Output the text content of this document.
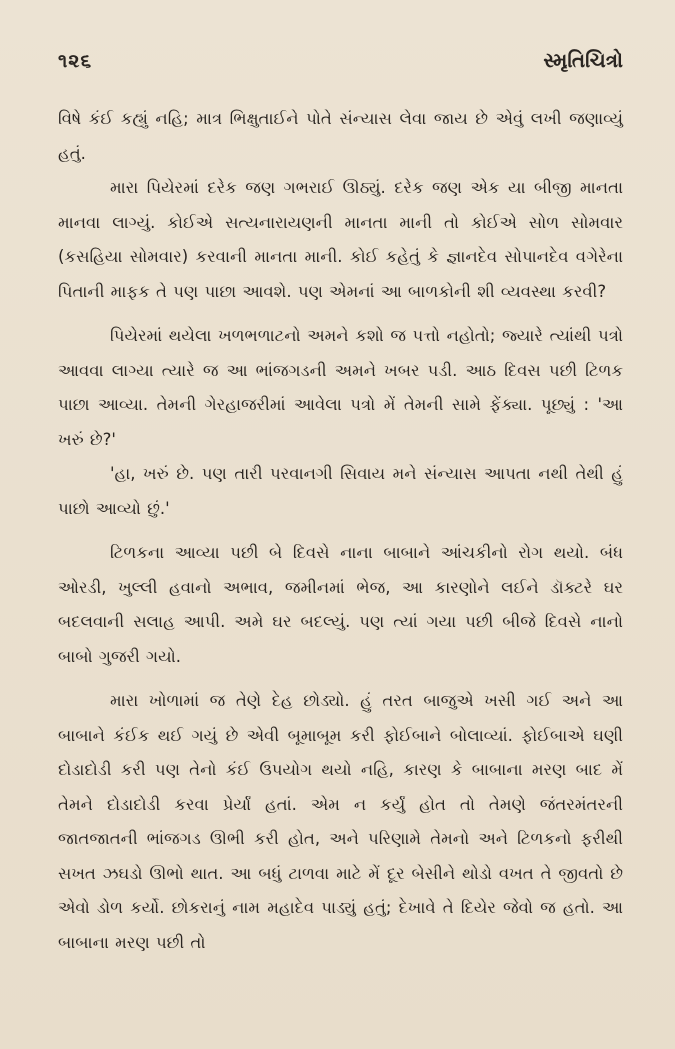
૧૨૬	સ્મૃતિચિત્રો

વિષે કંઈ કહ્યું નહિ; માત્ર ભિક્ષુતાઈને પોતે સંન્યાસ લેવા જાય છે એવું લખી જણાવ્યું હતું.

મારા પિયેરમાં દરેક જણ ગભરાઈ ઊઠ્યું. દરેક જણ એક યા બીજી માનતા માનવા લાગ્યું. કોઈએ સત્યનારાયણની માનતા માની તો કોઈએ સોળ સોમવાર (કસહિયા સોમવાર) કરવાની માનતા માની. કોઈ કહેતું કે જ્ઞાનદેવ સોપાનદેવ વગેરેના પિતાની માફક તે પણ પાછા આવશે. પણ એમનાં આ બાળકોની શી વ્યવસ્થા કરવી?

પિયેરમાં થયેલા ખળભળાટનો અમને કશો જ પત્તો નહોતો; જ્યારે ત્યાંથી પત્રો આવવા લાગ્યા ત્યારે જ આ ભાંજગડની અમને ખબર પડી. આઠ દિવસ પછી ટિળક પાછા આવ્યા. તેમની ગેરહાજરીમાં આવેલા પત્રો મેં તેમની સામે ફેંક્યા. પૂછ્યું : 'આ ખરું છે?'

'હા, ખરું છે. પણ તારી પરવાનગી સિવાય મને સંન્યાસ આપતા નથી તેથી હું પાછો આવ્યો છું.'

ટિળકના આવ્યા પછી બે દિવસે નાના બાબાને આંચકીનો રોગ થયો. બંધ ઓરડી, ખુલ્લી હવાનો અભાવ, જમીનમાં ભેજ, આ કારણોને લઈને ડૉક્ટરે ઘર બદલવાની સલાહ આપી. અમે ઘર બદલ્યું. પણ ત્યાં ગયા પછી બીજે દિવસે નાનો બાબો ગુજરી ગયો.

મારા ખોળામાં જ તેણે દેહ છોડ્યો. હું તરત બાજુએ ખસી ગઈ અને આ બાબાને કંઈક થઈ ગયું છે એવી બૂમાબૂમ કરી ફોઈબાને બોલાવ્યાં. ફોઈબાએ ઘણી દોડાદોડી કરી પણ તેનો કંઈ ઉપયોગ થયો નહિ, કારણ કે બાબાના મરણ બાદ મેં તેમને દોડાદોડી કરવા પ્રેર્યાં હતાં. એમ ન કર્યું હોત તો તેમણે જંતરમંતરની જાતજાતની ભાંજગડ ઊભી કરી હોત, અને પરિણામે તેમનો અને ટિળકનો ફરીથી સખત ઝઘડો ઊભો થાત. આ બધું ટાળવા માટે મેં દૂર બેસીને થોડો વખત તે જીવતો છે એવો ડોળ કર્યો. છોકરાનું નામ મહાદેવ પાડ્યું હતું; દેખાવે તે દિયેર જેવો જ હતો. આ બાબાના મરણ પછી તો
